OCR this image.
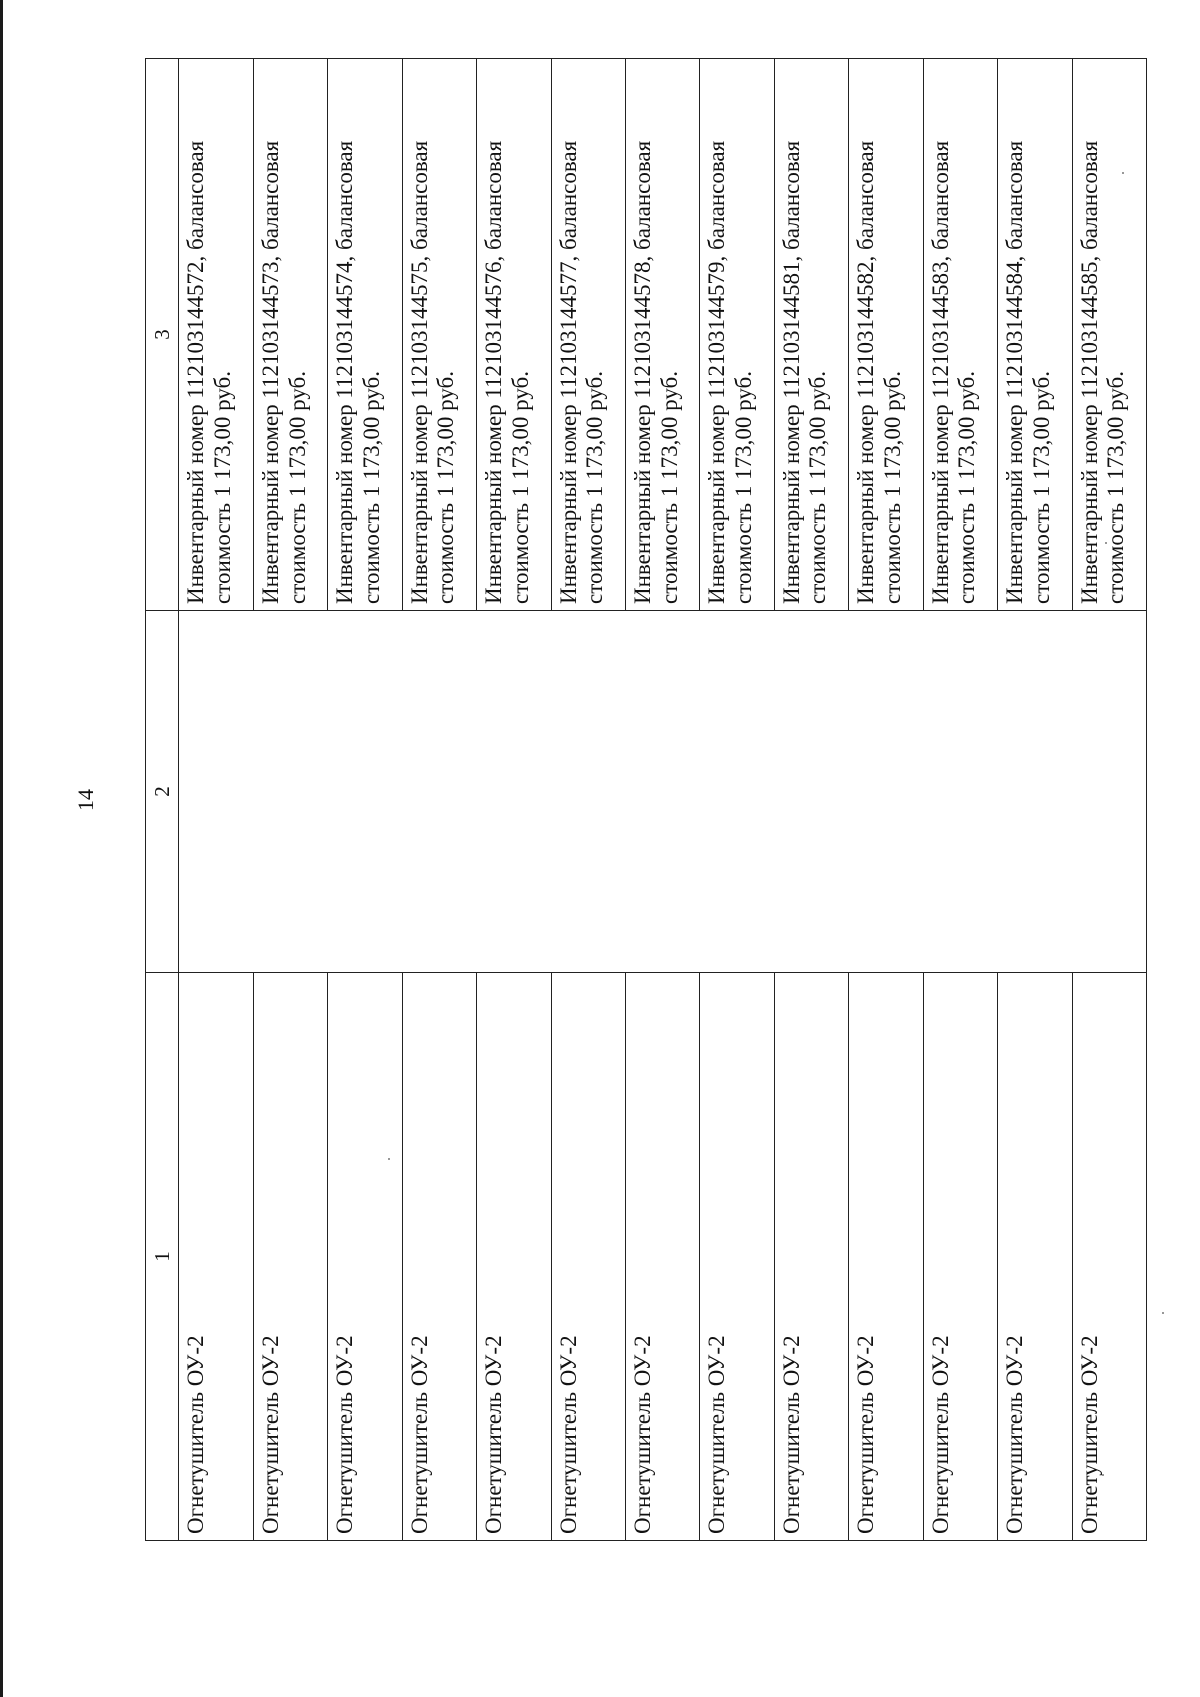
14
1	2	3
Огнетушитель ОУ-2		Инвентарный номер 112103144572, балансовая стоимость 1 173,00 руб.
Огнетушитель ОУ-2		Инвентарный номер 112103144573, балансовая стоимость 1 173,00 руб.
Огнетушитель ОУ-2		Инвентарный номер 112103144574, балансовая стоимость 1 173,00 руб.
Огнетушитель ОУ-2		Инвентарный номер 112103144575, балансовая стоимость 1 173,00 руб.
Огнетушитель ОУ-2		Инвентарный номер 112103144576, балансовая стоимость 1 173,00 руб.
Огнетушитель ОУ-2		Инвентарный номер 112103144577, балансовая стоимость 1 173,00 руб.
Огнетушитель ОУ-2		Инвентарный номер 112103144578, балансовая стоимость 1 173,00 руб.
Огнетушитель ОУ-2		Инвентарный номер 112103144579, балансовая стоимость 1 173,00 руб.
Огнетушитель ОУ-2		Инвентарный номер 112103144581, балансовая стоимость 1 173,00 руб.
Огнетушитель ОУ-2		Инвентарный номер 112103144582, балансовая стоимость 1 173,00 руб.
Огнетушитель ОУ-2		Инвентарный номер 112103144583, балансовая стоимость 1 173,00 руб.
Огнетушитель ОУ-2		Инвентарный номер 112103144584, балансовая стоимость 1 173,00 руб.
Огнетушитель ОУ-2		Инвентарный номер 112103144585, балансовая стоимость 1 173,00 руб.
